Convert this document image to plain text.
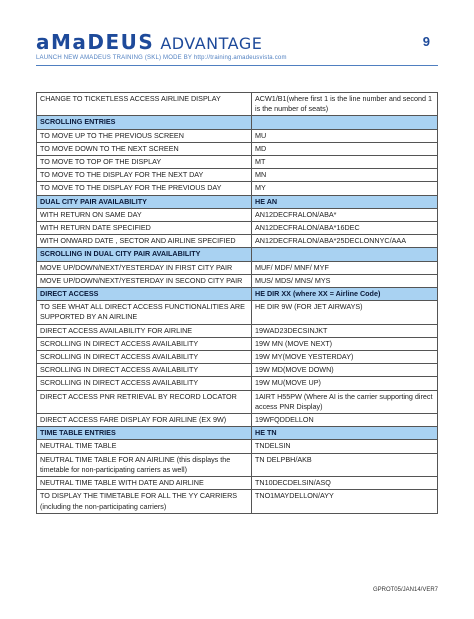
aMaDEUS ADVANTAGE	9
LAUNCH NEW AMADEUS TRAINING (SKL) MODE BY http://training.amadeusvista.com
CHANGE TO TICKETLESS ACCESS AIRLINE DISPLAY	ACW1/B1(where first 1 is the line number and second 1 is the number of seats)
SCROLLING ENTRIES	
TO MOVE UP TO THE PREVIOUS SCREEN	MU
TO MOVE DOWN TO THE NEXT SCREEN	MD
TO MOVE TO TOP OF THE DISPLAY	MT
TO MOVE TO THE DISPLAY FOR THE NEXT DAY	MN
TO MOVE TO THE DISPLAY FOR THE PREVIOUS DAY	MY
DUAL CITY PAIR AVAILABILITY	HE AN
WITH RETURN ON SAME DAY	AN12DECFRALON/ABA*
WITH RETURN DATE SPECIFIED	AN12DECFRALON/ABA*16DEC
WITH ONWARD DATE , SECTOR AND AIRLINE SPECIFIED	AN12DECFRALON/ABA*25DECLONNYC/AAA
SCROLLING IN DUAL CITY PAIR AVAILABILITY	
MOVE UP/DOWN/NEXT/YESTERDAY IN FIRST CITY PAIR	MUF/ MDF/ MNF/ MYF
MOVE UP/DOWN/NEXT/YESTERDAY IN SECOND CITY PAIR	MUS/ MDS/ MNS/ MYS
DIRECT ACCESS	HE DIR XX (where XX = Airline Code)
TO SEE WHAT ALL DIRECT ACCESS FUNCTIONALITIES ARE SUPPORTED BY AN AIRLINE	HE DIR 9W (FOR JET AIRWAYS)
DIRECT ACCESS AVAILABILITY FOR AIRLINE	19WAD23DECSINJKT
SCROLLING IN DIRECT ACCESS AVAILABILITY	19W MN (MOVE NEXT)
SCROLLING IN DIRECT ACCESS AVAILABILITY	19W MY(MOVE YESTERDAY)
SCROLLING IN DIRECT ACCESS AVAILABILITY	19W MD(MOVE DOWN)
SCROLLING IN DIRECT ACCESS AVAILABILITY	19W MU(MOVE UP)
DIRECT ACCESS PNR RETRIEVAL BY RECORD LOCATOR	1AIRT H55PW (Where AI is the carrier supporting direct access PNR Display)
DIRECT ACCESS FARE DISPLAY FOR AIRLINE (EX 9W)	19WFQDDELLON
TIME TABLE ENTRIES	HE TN
NEUTRAL TIME TABLE	TNDELSIN
NEUTRAL TIME TABLE FOR AN AIRLINE (this displays the timetable for non-participating carriers as well)	TN DELPBH/AKB
NEUTRAL TIME TABLE WITH DATE AND AIRLINE	TN10DECDELSIN/ASQ
TO DISPLAY THE TIMETABLE FOR ALL THE YY CARRIERS (including the non-participating carriers)	TNO1MAYDELLON/AYY
GPROT05/JAN14/VER7
